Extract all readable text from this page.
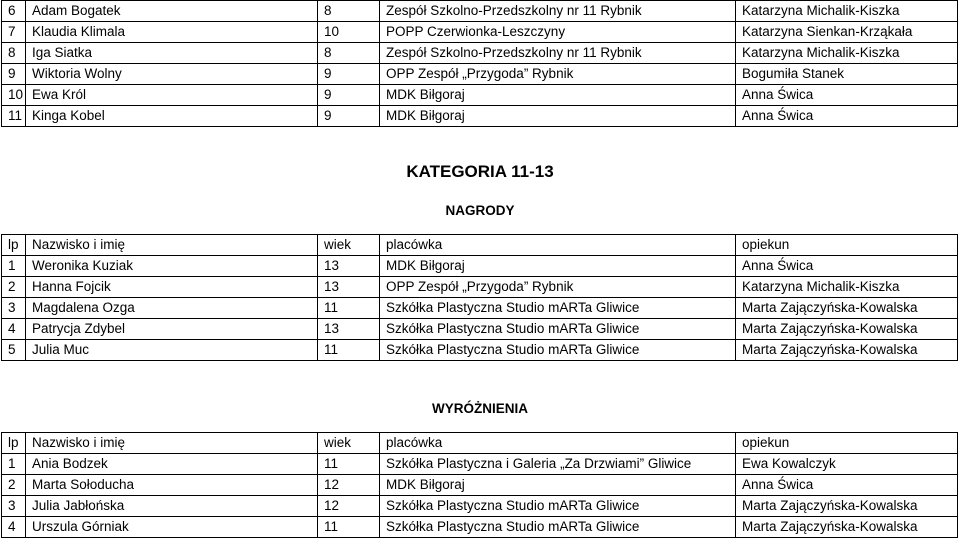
6	Adam Bogatek	8	Zespół Szkolno-Przedszkolny nr 11 Rybnik	Katarzyna Michalik-Kiszka
7	Klaudia Klimala	10	POPP Czerwionka-Leszczyny	Katarzyna Sienkan-Krząkała
8	Iga Siatka	8	Zespół Szkolno-Przedszkolny nr 11 Rybnik	Katarzyna Michalik-Kiszka
9	Wiktoria Wolny	9	OPP Zespół „Przygoda” Rybnik	Bogumiła Stanek
10	Ewa Król	9	MDK Biłgoraj	Anna Świca
11	Kinga Kobel	9	MDK Biłgoraj	Anna Świca
KATEGORIA 11-13
NAGRODY
lp	Nazwisko i imię	wiek	placówka	opiekun
1	Weronika Kuziak	13	MDK Biłgoraj	Anna Świca
2	Hanna Fojcik	13	OPP Zespół „Przygoda” Rybnik	Katarzyna Michalik-Kiszka
3	Magdalena Ozga	11	Szkółka Plastyczna Studio mARTa Gliwice	Marta Zajączyńska-Kowalska
4	Patrycja Zdybel	13	Szkółka Plastyczna Studio mARTa Gliwice	Marta Zajączyńska-Kowalska
5	Julia Muc	11	Szkółka Plastyczna Studio mARTa Gliwice	Marta Zajączyńska-Kowalska
WYRÓŻNIENIA
lp	Nazwisko i imię	wiek	placówka	opiekun
1	Ania Bodzek	11	Szkółka Plastyczna i Galeria „Za Drzwiami” Gliwice	Ewa Kowalczyk
2	Marta Sołoducha	12	MDK Biłgoraj	Anna Świca
3	Julia Jabłońska	12	Szkółka Plastyczna Studio mARTa Gliwice	Marta Zajączyńska-Kowalska
4	Urszula Górniak	11	Szkółka Plastyczna Studio mARTa Gliwice	Marta Zajączyńska-Kowalska
